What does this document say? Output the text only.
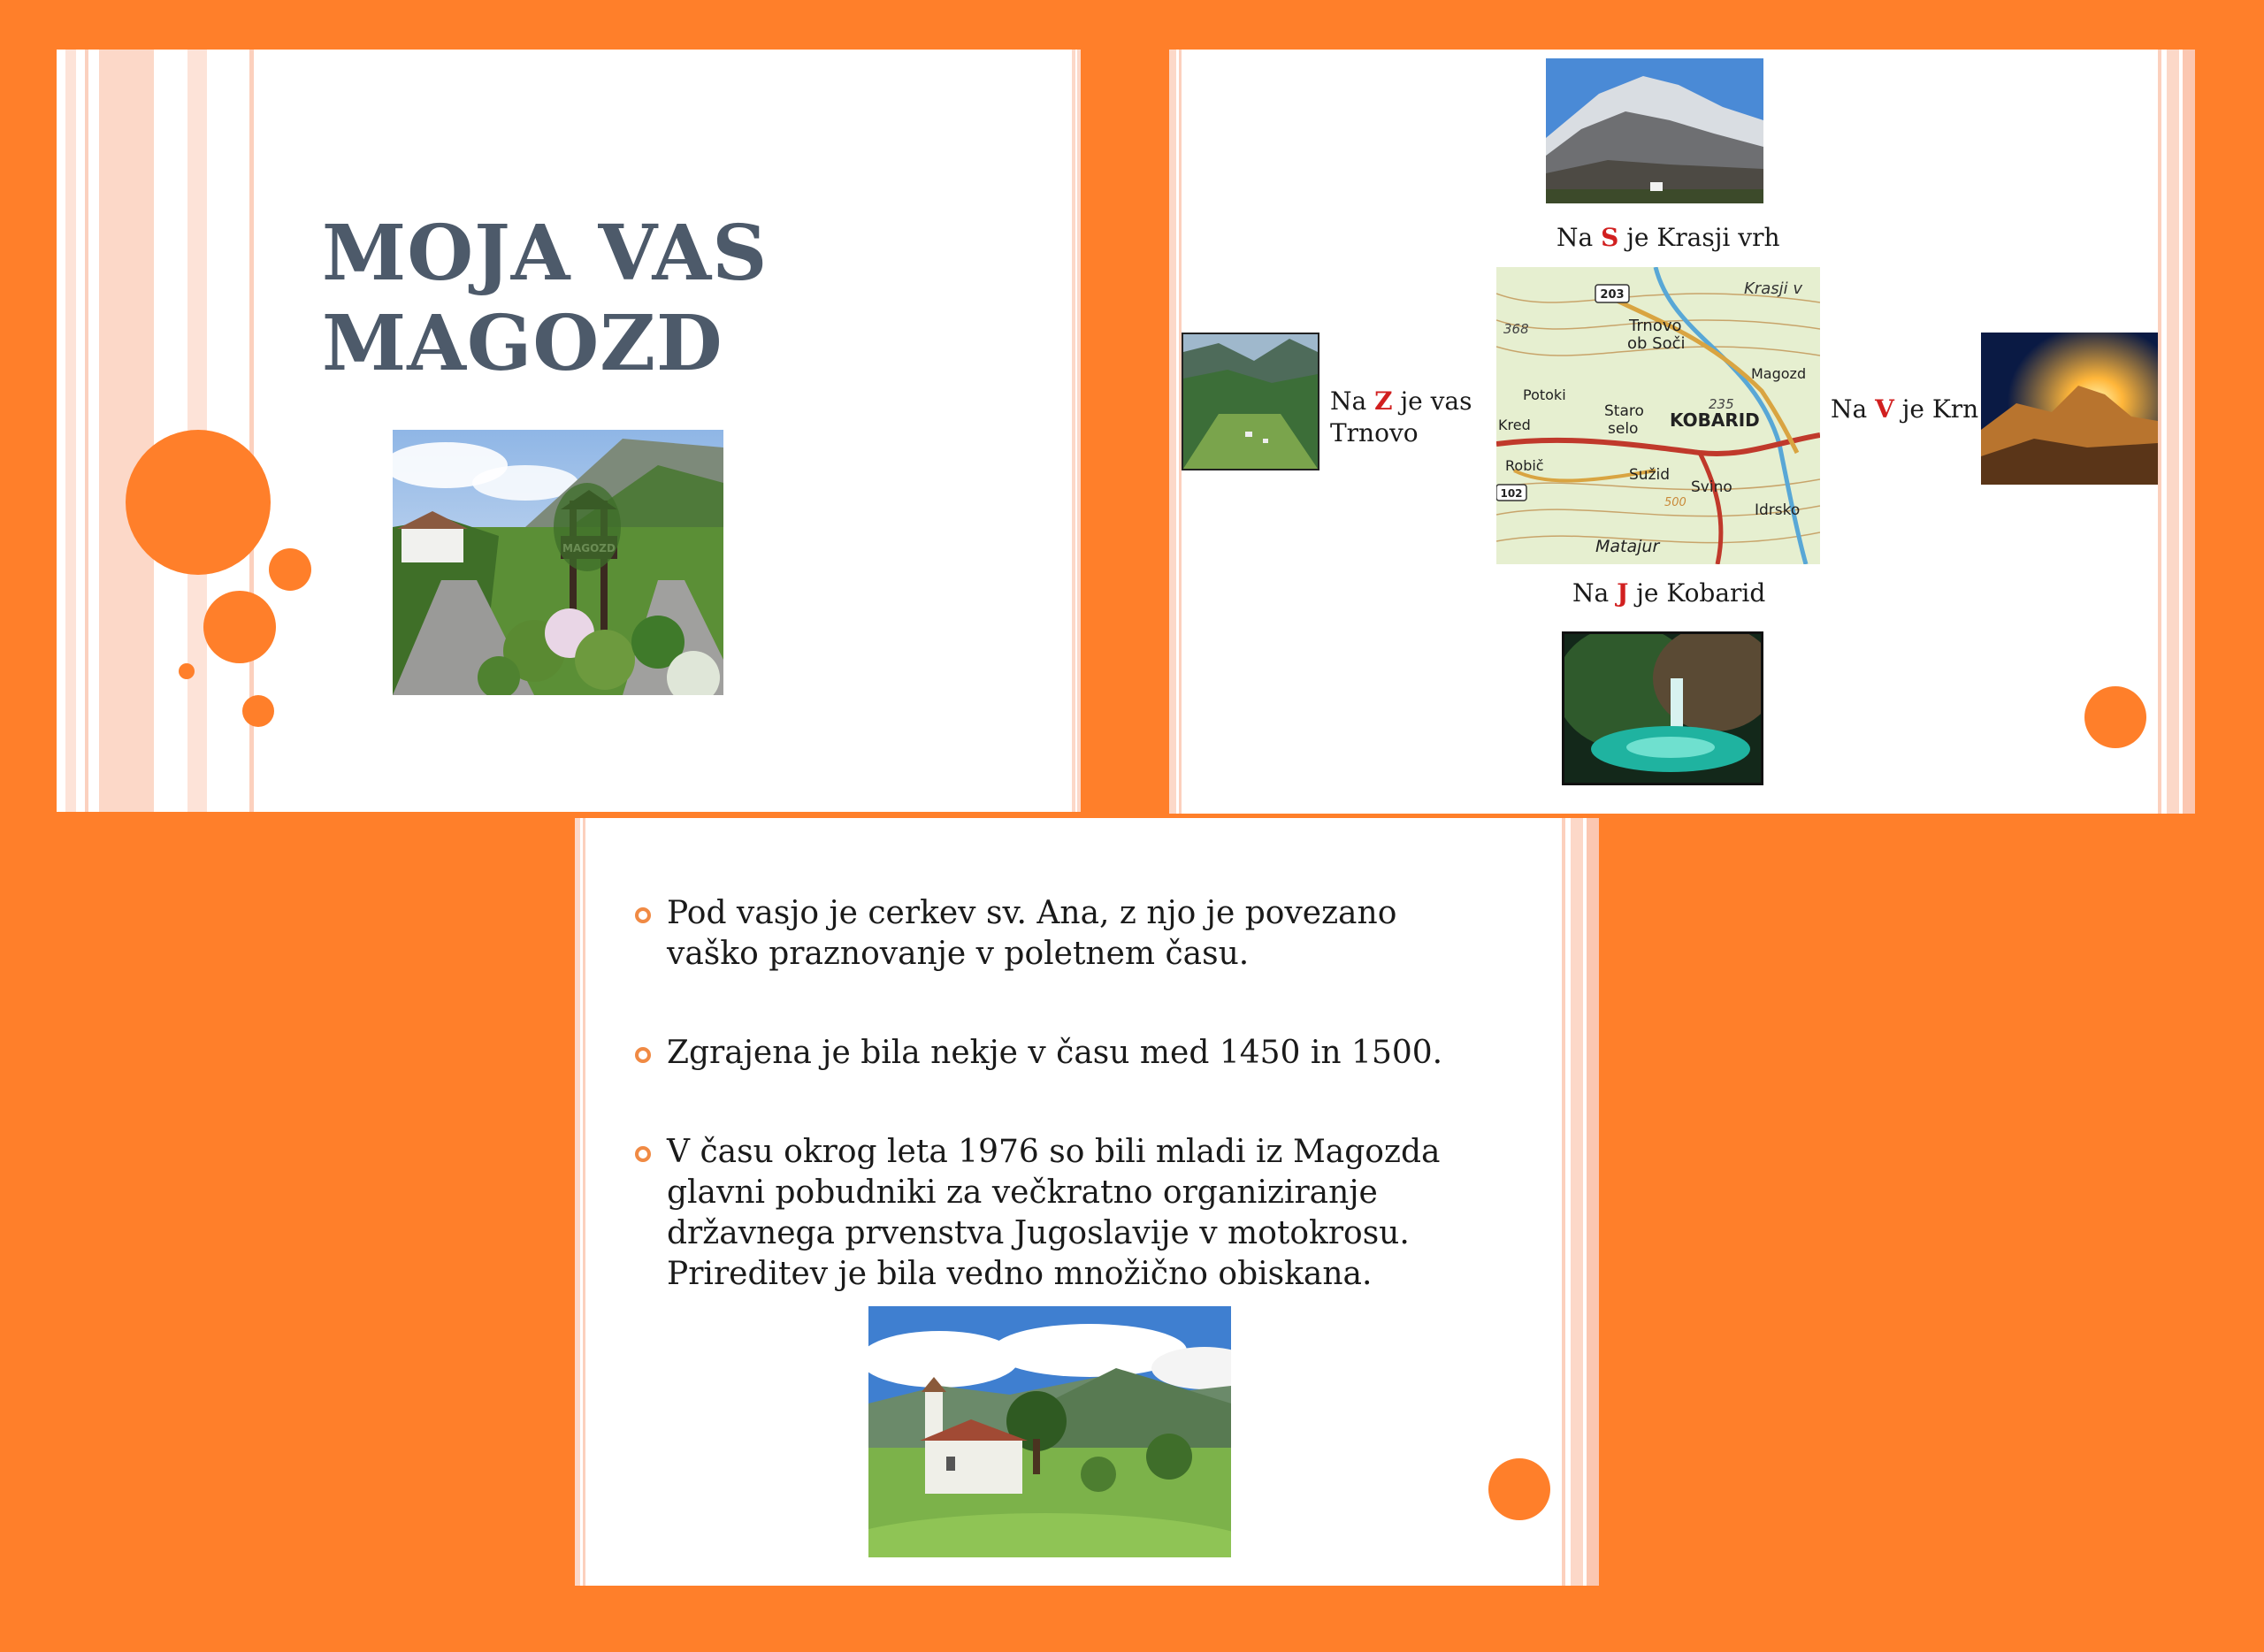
MOJA VAS
MAGOZD
Na S je Krasji vrh
Na Z je vas
Trnovo
203
102
Krasji v
Trnovo
ob Soči
368
Magozd
Potoki
Kred
Staro
selo KOBARID
235
Robič
Sužid
Svino
Idrsko
500
Matajur
Na V je Krn
Na J je Kobarid
Pod vasjo je cerkev sv. Ana, z njo je povezano
vaško praznovanje v poletnem času.
Zgrajena je bila nekje v času med 1450 in 1500.
V času okrog leta 1976 so bili mladi iz Magozda
glavni pobudniki za večkratno organiziranje
državnega prvenstva Jugoslavije v motokrosu.
Prireditev je bila vedno množično obiskana.
